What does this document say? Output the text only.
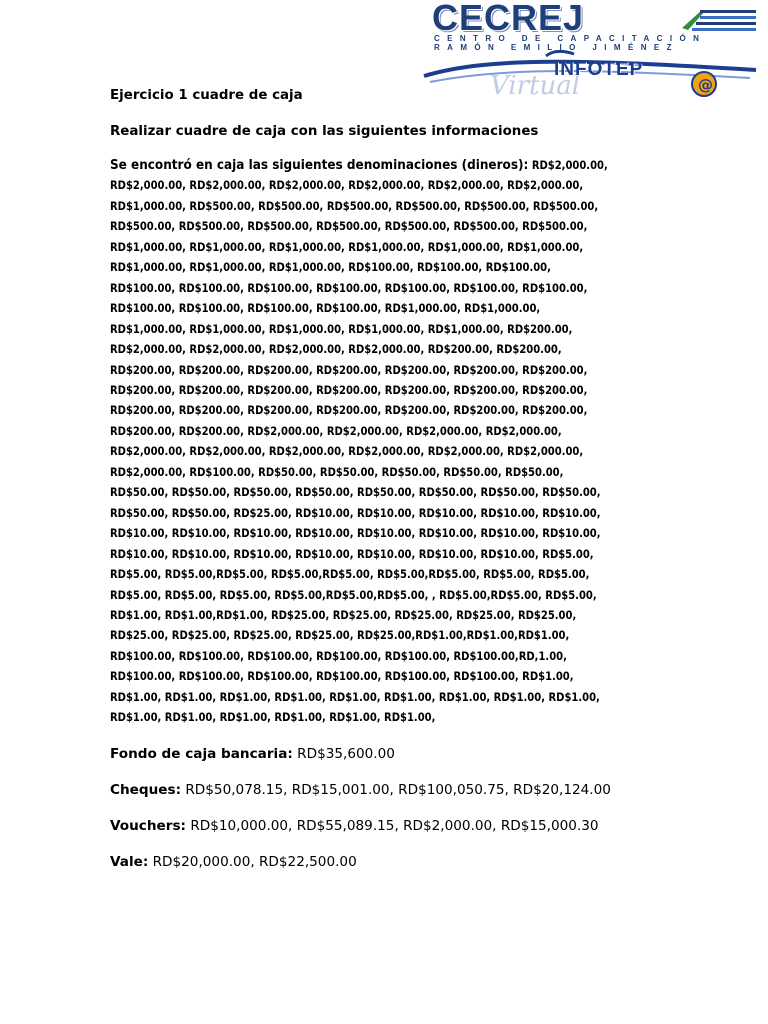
CECREJ
CENTRO DE CAPACITACIÓN
RAMÓN EMILIO JIMÉNEZ
Virtual	@
INFOTEP
Ejercicio 1 cuadre de caja
Realizar cuadre de caja con las siguientes informaciones
Se encontró en caja las siguientes denominaciones (dineros): RD$2,000.00,
RD$2,000.00, RD$2,000.00, RD$2,000.00, RD$2,000.00, RD$2,000.00, RD$2,000.00,
RD$1,000.00, RD$500.00, RD$500.00, RD$500.00, RD$500.00, RD$500.00, RD$500.00,
RD$500.00, RD$500.00, RD$500.00, RD$500.00, RD$500.00, RD$500.00, RD$500.00,
RD$1,000.00, RD$1,000.00, RD$1,000.00, RD$1,000.00, RD$1,000.00, RD$1,000.00,
RD$1,000.00, RD$1,000.00, RD$1,000.00, RD$100.00, RD$100.00, RD$100.00,
RD$100.00, RD$100.00, RD$100.00, RD$100.00, RD$100.00, RD$100.00, RD$100.00,
RD$100.00, RD$100.00, RD$100.00, RD$100.00, RD$1,000.00, RD$1,000.00,
RD$1,000.00, RD$1,000.00, RD$1,000.00, RD$1,000.00, RD$1,000.00, RD$200.00,
RD$2,000.00, RD$2,000.00, RD$2,000.00, RD$2,000.00, RD$200.00, RD$200.00,
RD$200.00, RD$200.00, RD$200.00, RD$200.00, RD$200.00, RD$200.00, RD$200.00,
RD$200.00, RD$200.00, RD$200.00, RD$200.00, RD$200.00, RD$200.00, RD$200.00,
RD$200.00, RD$200.00, RD$200.00, RD$200.00, RD$200.00, RD$200.00, RD$200.00,
RD$200.00, RD$200.00, RD$2,000.00, RD$2,000.00, RD$2,000.00, RD$2,000.00,
RD$2,000.00, RD$2,000.00, RD$2,000.00, RD$2,000.00, RD$2,000.00, RD$2,000.00,
RD$2,000.00, RD$100.00, RD$50.00, RD$50.00, RD$50.00, RD$50.00, RD$50.00,
RD$50.00, RD$50.00, RD$50.00, RD$50.00, RD$50.00, RD$50.00, RD$50.00, RD$50.00,
RD$50.00, RD$50.00, RD$25.00, RD$10.00, RD$10.00, RD$10.00, RD$10.00, RD$10.00,
RD$10.00, RD$10.00, RD$10.00, RD$10.00, RD$10.00, RD$10.00, RD$10.00, RD$10.00,
RD$10.00, RD$10.00, RD$10.00, RD$10.00, RD$10.00, RD$10.00, RD$10.00, RD$5.00,
RD$5.00, RD$5.00,RD$5.00, RD$5.00,RD$5.00, RD$5.00,RD$5.00, RD$5.00, RD$5.00,
RD$5.00, RD$5.00, RD$5.00, RD$5.00,RD$5.00,RD$5.00, , RD$5.00,RD$5.00, RD$5.00,
RD$1.00, RD$1.00,RD$1.00, RD$25.00, RD$25.00, RD$25.00, RD$25.00, RD$25.00,
RD$25.00, RD$25.00, RD$25.00, RD$25.00, RD$25.00,RD$1.00,RD$1.00,RD$1.00,
RD$100.00, RD$100.00, RD$100.00, RD$100.00, RD$100.00, RD$100.00,RD,1.00,
RD$100.00, RD$100.00, RD$100.00, RD$100.00, RD$100.00, RD$100.00, RD$1.00,
RD$1.00, RD$1.00, RD$1.00, RD$1.00, RD$1.00, RD$1.00, RD$1.00, RD$1.00, RD$1.00,
RD$1.00, RD$1.00, RD$1.00, RD$1.00, RD$1.00, RD$1.00,
Fondo de caja bancaria: RD$35,600.00
Cheques: RD$50,078.15, RD$15,001.00, RD$100,050.75, RD$20,124.00
Vouchers: RD$10,000.00, RD$55,089.15, RD$2,000.00, RD$15,000.30
Vale: RD$20,000.00, RD$22,500.00
